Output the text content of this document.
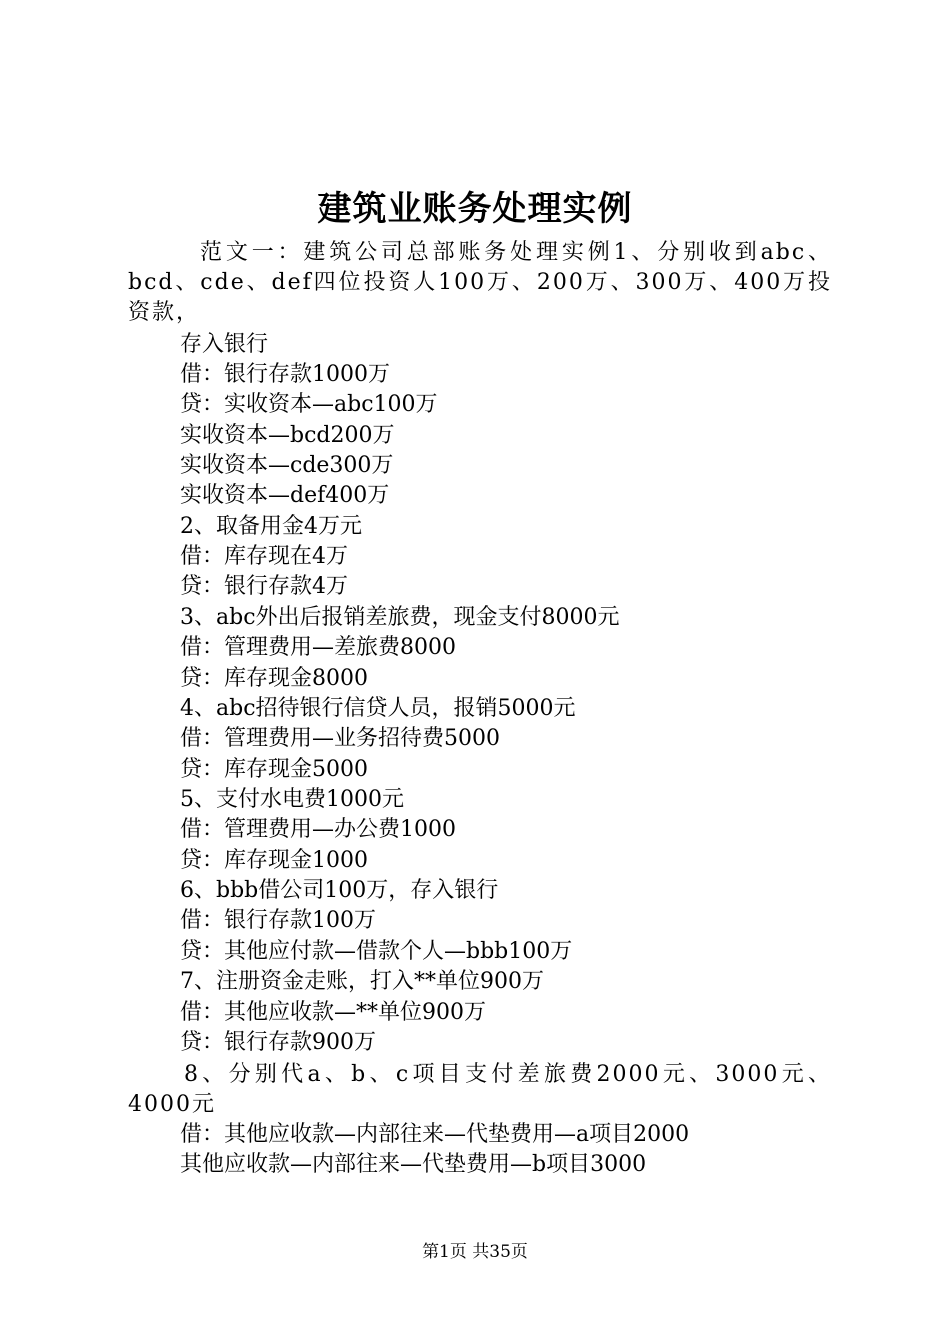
建筑业账务处理实例

范文一：建筑公司总部账务处理实例1、分别收到abc、bcd、cde、def四位投资人100万、200万、300万、400万投资款，

存入银行

借：银行存款1000万

贷：实收资本—abc100万

实收资本—bcd200万

实收资本—cde300万

实收资本—def400万

2、取备用金4万元

借：库存现在4万

贷：银行存款4万

3、abc外出后报销差旅费，现金支付8000元

借：管理费用—差旅费8000

贷：库存现金8000

4、abc招待银行信贷人员，报销5000元

借：管理费用—业务招待费5000

贷：库存现金5000

5、支付水电费1000元

借：管理费用—办公费1000

贷：库存现金1000

6、bbb借公司100万，存入银行

借：银行存款100万

贷：其他应付款—借款个人—bbb100万

7、注册资金走账，打入**单位900万

借：其他应收款—**单位900万

贷：银行存款900万

8、分别代a、b、c项目支付差旅费2000元、3000元、4000元

借：其他应收款—内部往来—代垫费用—a项目2000

其他应收款—内部往来—代垫费用—b项目3000

第1页 共35页
